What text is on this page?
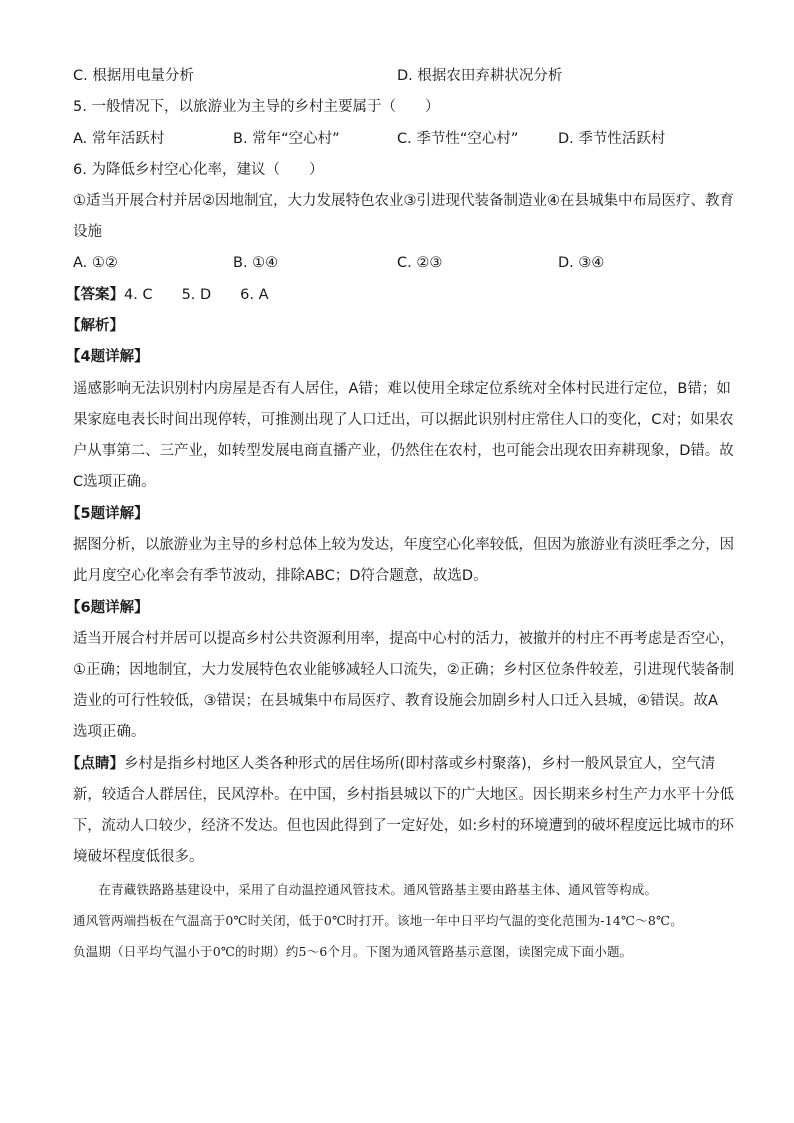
C. 根据用电量分析	D. 根据农田弃耕状况分析
5. 一般情况下，以旅游业为主导的乡村主要属于（　　）
A. 常年活跃村	B. 常年“空心村”	C. 季节性“空心村”	D. 季节性活跃村
6. 为降低乡村空心化率，建议（　　）
①适当开展合村并居②因地制宜，大力发展特色农业③引进现代装备制造业④在县城集中布局医疗、教育
设施
A. ①②	B. ①④	C. ②③	D. ③④
【答案】4. C　　5. D　　6. A
【解析】
【4题详解】
遥感影响无法识别村内房屋是否有人居住，A错；难以使用全球定位系统对全体村民进行定位，B错；如
果家庭电表长时间出现停转，可推测出现了人口迁出，可以据此识别村庄常住人口的变化，C对；如果农
户从事第二、三产业，如转型发展电商直播产业，仍然住在农村，也可能会出现农田弃耕现象，D错。故
C选项正确。
【5题详解】
据图分析，以旅游业为主导的乡村总体上较为发达，年度空心化率较低，但因为旅游业有淡旺季之分，因
此月度空心化率会有季节波动，排除ABC；D符合题意，故选D。
【6题详解】
适当开展合村并居可以提高乡村公共资源利用率，提高中心村的活力，被撤并的村庄不再考虑是否空心，
①正确；因地制宜，大力发展特色农业能够减轻人口流失，②正确；乡村区位条件较差，引进现代装备制
造业的可行性较低，③错误；在县城集中布局医疗、教育设施会加剧乡村人口迁入县城，④错误。故A
选项正确。
【点睛】乡村是指乡村地区人类各种形式的居住场所(即村落或乡村聚落)，乡村一般风景宜人，空气清
新，较适合人群居住，民风淳朴。在中国，乡村指县城以下的广大地区。因长期来乡村生产力水平十分低
下，流动人口较少，经济不发达。但也因此得到了一定好处，如:乡村的环境遭到的破坏程度远比城市的环
境破坏程度低很多。
　　在青藏铁路路基建设中，采用了自动温控通风管技术。通风管路基主要由路基主体、通风管等构成。
通风管两端挡板在气温高于0℃时关闭，低于0℃时打开。该地一年中日平均气温的变化范围为-14℃～8℃。
负温期（日平均气温小于0℃的时期）约5～6个月。下图为通风管路基示意图，读图完成下面小题。
